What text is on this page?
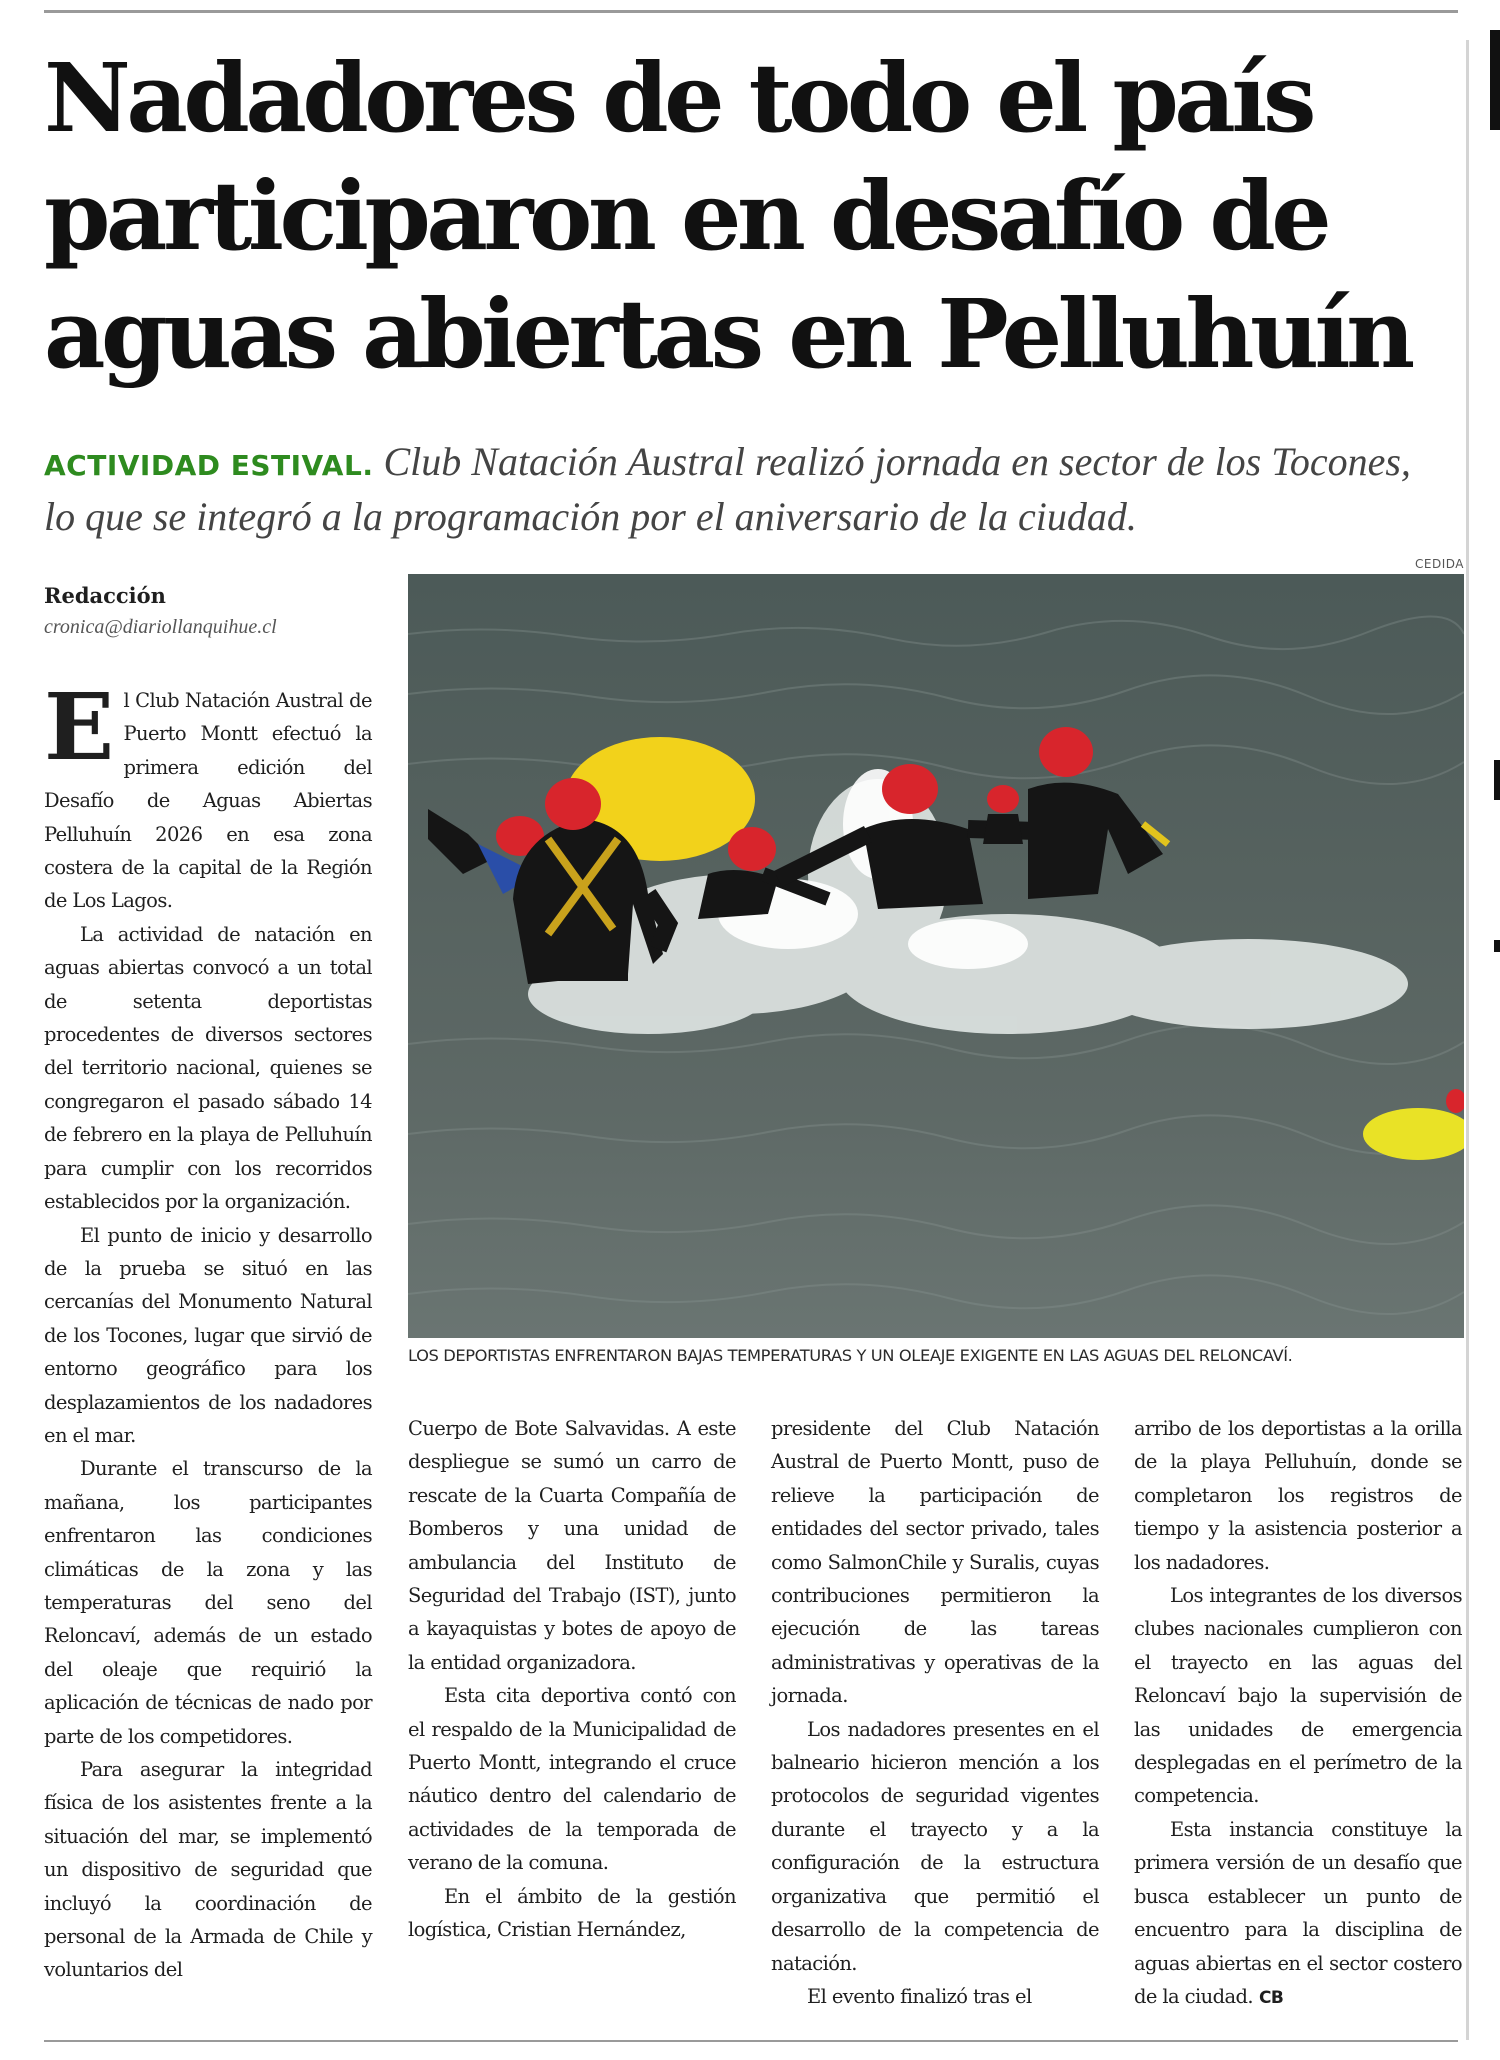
Nadadores de todo el país
participaron en desafío de
aguas abiertas en Pelluhuín
ACTIVIDAD ESTIVAL. Club Natación Austral realizó jornada en sector de los Tocones, lo que se integró a la programación por el aniversario de la ciudad.
Redacción
cronica@diariollanquihue.cl
CEDIDA
LOS DEPORTISTAS ENFRENTARON BAJAS TEMPERATURAS Y UN OLEAJE EXIGENTE EN LAS AGUAS DEL RELONCAVÍ.

El Club Natación Austral de Puerto Montt efectuó la primera edición del Desafío de Aguas Abiertas Pelluhuín 2026 en esa zona costera de la capital de la Región de Los Lagos.

La actividad de natación en aguas abiertas convocó a un total de setenta deportistas procedentes de diversos sectores del territorio nacional, quienes se congregaron el pasado sábado 14 de febrero en la playa de Pelluhuín para cumplir con los recorridos establecidos por la organización.

El punto de inicio y desarrollo de la prueba se situó en las cercanías del Monumento Natural de los Tocones, lugar que sirvió de entorno geográfico para los desplazamientos de los nadadores en el mar.

Durante el transcurso de la mañana, los participantes enfrentaron las condiciones climáticas de la zona y las temperaturas del seno del Reloncaví, además de un estado del oleaje que requirió la aplicación de técnicas de nado por parte de los competidores.

Para asegurar la integridad física de los asistentes frente a la situación del mar, se implementó un dispositivo de seguridad que incluyó la coordinación de personal de la Armada de Chile y voluntarios del

Cuerpo de Bote Salvavidas. A este despliegue se sumó un carro de rescate de la Cuarta Compañía de Bomberos y una unidad de ambulancia del Instituto de Seguridad del Trabajo (IST), junto a kayaquistas y botes de apoyo de la entidad organizadora.

Esta cita deportiva contó con el respaldo de la Municipalidad de Puerto Montt, integrando el cruce náutico dentro del calendario de actividades de la temporada de verano de la comuna.

En el ámbito de la gestión logística, Cristian Hernández,

presidente del Club Natación Austral de Puerto Montt, puso de relieve la participación de entidades del sector privado, tales como SalmonChile y Suralis, cuyas contribuciones permitieron la ejecución de las tareas administrativas y operativas de la jornada.

Los nadadores presentes en el balneario hicieron mención a los protocolos de seguridad vigentes durante el trayecto y a la configuración de la estructura organizativa que permitió el desarrollo de la competencia de natación.

El evento finalizó tras el

arribo de los deportistas a la orilla de la playa Pelluhuín, donde se completaron los registros de tiempo y la asistencia posterior a los nadadores.

Los integrantes de los diversos clubes nacionales cumplieron con el trayecto en las aguas del Reloncaví bajo la supervisión de las unidades de emergencia desplegadas en el perímetro de la competencia.

Esta instancia constituye la primera versión de un desafío que busca establecer un punto de encuentro para la disciplina de aguas abiertas en el sector costero de la ciudad. CB
